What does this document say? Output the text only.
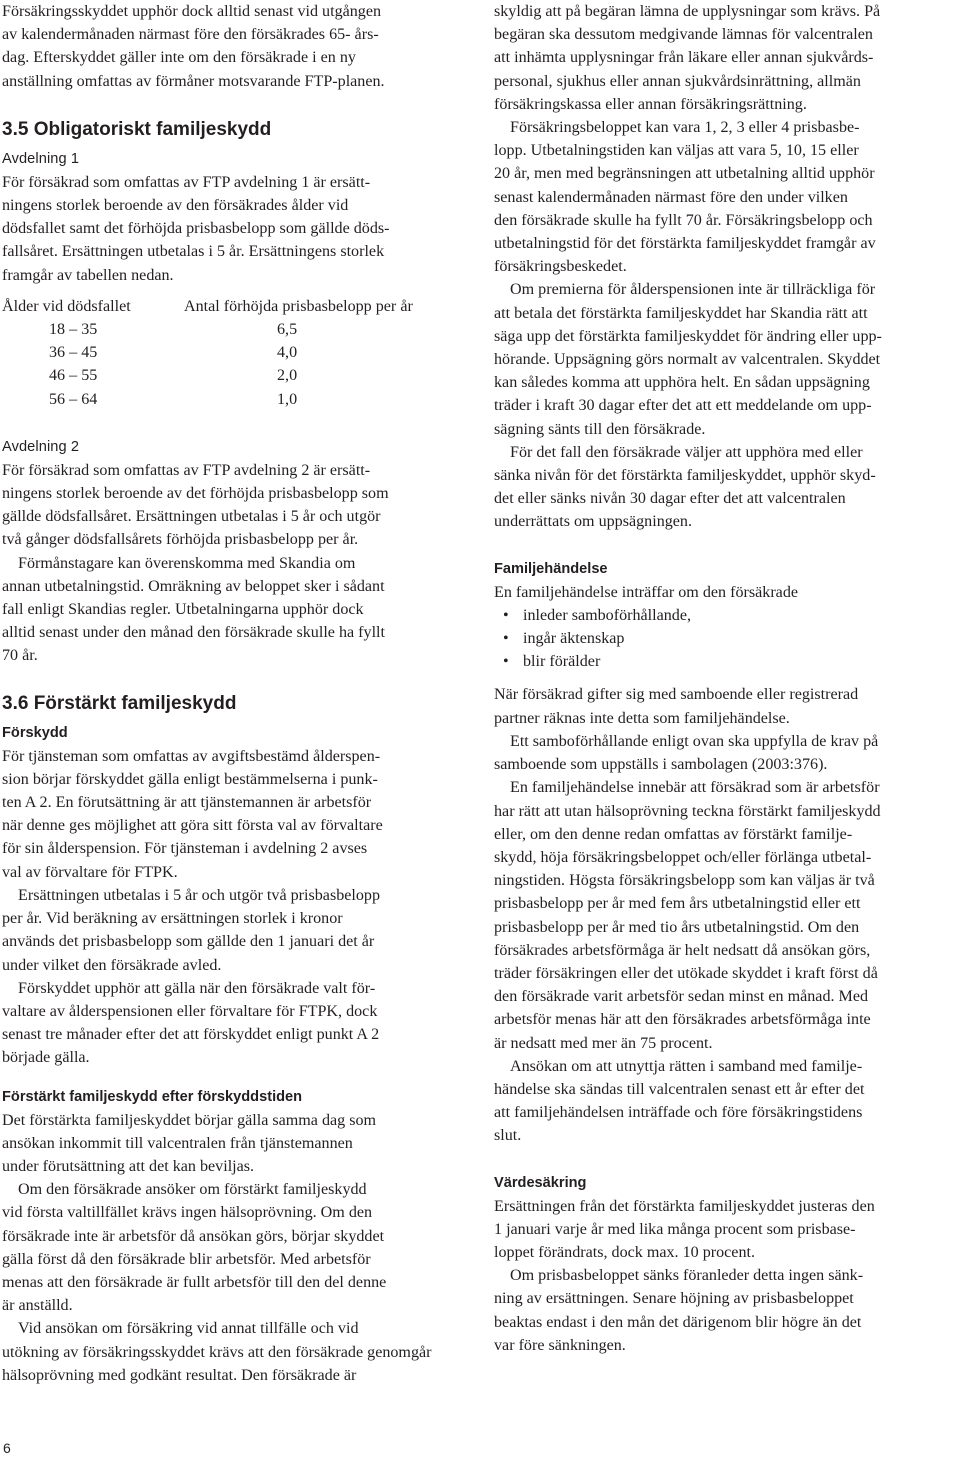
Försäkringsskyddet upphör dock alltid senast vid utgången
av kalendermånaden närmast före den försäkrades 65- års-
dag. Efterskyddet gäller inte om den försäkrade i en ny
anställning omfattas av förmåner motsvarande FTP-planen.

3.5 Obligatoriskt familjeskydd

Avdelning 1

För försäkrad som omfattas av FTP avdelning 1 är ersätt-
ningens storlek beroende av den försäkrades ålder vid
dödsfallet samt det förhöjda prisbasbelopp som gällde döds-
fallsåret. Ersättningen utbetalas i 5 år. Ersättningens storlek
framgår av tabellen nedan.

Ålder vid dödsfallet	Antal förhöjda prisbasbelopp per år
18 – 35	6,5
36 – 45	4,0
46 – 55	2,0
56 – 64	1,0

Avdelning 2

För försäkrad som omfattas av FTP avdelning 2 är ersätt-
ningens storlek beroende av det förhöjda prisbasbelopp som
gällde dödsfallsåret. Ersättningen utbetalas i 5 år och utgör
två gånger dödsfallsårets förhöjda prisbasbelopp per år.

Förmånstagare kan överenskomma med Skandia om
annan utbetalningstid. Omräkning av beloppet sker i sådant
fall enligt Skandias regler. Utbetalningarna upphör dock
alltid senast under den månad den försäkrade skulle ha fyllt
70 år.

3.6 Förstärkt familjeskydd

Förskydd

För tjänsteman som omfattas av avgiftsbestämd ålderspen-
sion börjar förskyddet gälla enligt bestämmelserna i punk-
ten A 2. En förutsättning är att tjänstemannen är arbetsför
när denne ges möjlighet att göra sitt första val av förvaltare
för sin ålderspension. För tjänsteman i avdelning 2 avses
val av förvaltare för FTPK.

Ersättningen utbetalas i 5 år och utgör två prisbasbelopp
per år. Vid beräkning av ersättningen storlek i kronor
används det prisbasbelopp som gällde den 1 januari det år
under vilket den försäkrade avled.

Förskyddet upphör att gälla när den försäkrade valt för-
valtare av ålderspensionen eller förvaltare för FTPK, dock
senast tre månader efter det att förskyddet enligt punkt A 2
började gälla.

Förstärkt familjeskydd efter förskyddstiden

Det förstärkta familjeskyddet börjar gälla samma dag som
ansökan inkommit till valcentralen från tjänstemannen
under förutsättning att det kan beviljas.

Om den försäkrade ansöker om förstärkt familjeskydd
vid första valtillfället krävs ingen hälsoprövning. Om den
försäkrade inte är arbetsför då ansökan görs, börjar skyddet
gälla först då den försäkrade blir arbetsför. Med arbetsför
menas att den försäkrade är fullt arbetsför till den del denne
är anställd.

Vid ansökan om försäkring vid annat tillfälle och vid
utökning av försäkringsskyddet krävs att den försäkrade genomgår
hälsoprövning med godkänt resultat. Den försäkrade är

skyldig att på begäran lämna de upplysningar som krävs. På
begäran ska dessutom medgivande lämnas för valcentralen
att inhämta upplysningar från läkare eller annan sjukvårds-
personal, sjukhus eller annan sjukvårdsinrättning, allmän
försäkringskassa eller annan försäkringsrättning.

Försäkringsbeloppet kan vara 1, 2, 3 eller 4 prisbasbe-
lopp. Utbetalningstiden kan väljas att vara 5, 10, 15 eller
20 år, men med begränsningen att utbetalning alltid upphör
senast kalendermånaden närmast före den under vilken
den försäkrade skulle ha fyllt 70 år. Försäkringsbelopp och
utbetalningstid för det förstärkta familjeskyddet framgår av
försäkringsbeskedet.

Om premierna för ålderspensionen inte är tillräckliga för
att betala det förstärkta familjeskyddet har Skandia rätt att
säga upp det förstärkta familjeskyddet för ändring eller upp-
hörande. Uppsägning görs normalt av valcentralen. Skyddet
kan således komma att upphöra helt. En sådan uppsägning
träder i kraft 30 dagar efter det att ett meddelande om upp-
sägning sänts till den försäkrade.

För det fall den försäkrade väljer att upphöra med eller
sänka nivån för det förstärkta familjeskyddet, upphör skyd-
det eller sänks nivån 30 dagar efter det att valcentralen
underrättats om uppsägningen.

Familjehändelse

En familjehändelse inträffar om den försäkrade

• inleder samboförhållande,
• ingår äktenskap
• blir förälder

När försäkrad gifter sig med samboende eller registrerad
partner räknas inte detta som familjehändelse.

Ett samboförhållande enligt ovan ska uppfylla de krav på
samboende som uppställs i sambolagen (2003:376).

En familjehändelse innebär att försäkrad som är arbetsför
har rätt att utan hälsoprövning teckna förstärkt familjeskydd
eller, om den denne redan omfattas av förstärkt familje-
skydd, höja försäkringsbeloppet och/eller förlänga utbetal-
ningstiden. Högsta försäkringsbelopp som kan väljas är två
prisbasbelopp per år med fem års utbetalningstid eller ett
prisbasbelopp per år med tio års utbetalningstid. Om den
försäkrades arbetsförmåga är helt nedsatt då ansökan görs,
träder försäkringen eller det utökade skyddet i kraft först då
den försäkrade varit arbetsför sedan minst en månad. Med
arbetsför menas här att den försäkrades arbetsförmåga inte
är nedsatt med mer än 75 procent.

Ansökan om att utnyttja rätten i samband med familje-
händelse ska sändas till valcentralen senast ett år efter det
att familjehändelsen inträffade och före försäkringstidens
slut.

Värdesäkring

Ersättningen från det förstärkta familjeskyddet justeras den
1 januari varje år med lika många procent som prisbase-
loppet förändrats, dock max. 10 procent.

Om prisbasbeloppet sänks föranleder detta ingen sänk-
ning av ersättningen. Senare höjning av prisbasbeloppet
beaktas endast i den mån det därigenom blir högre än det
var före sänkningen.

6
